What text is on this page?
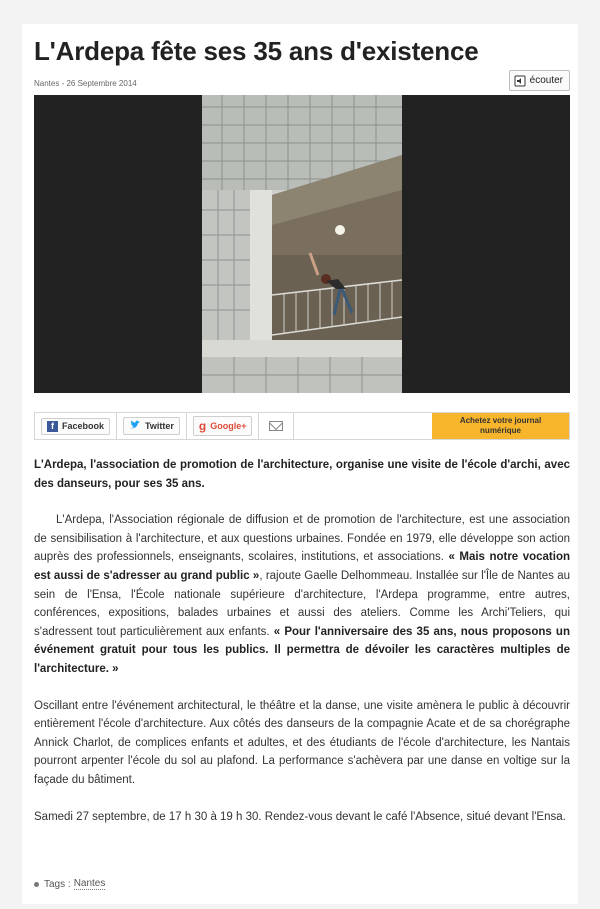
L'Ardepa fête ses 35 ans d'existence
Nantes - 26 Septembre 2014	écouter
f Facebook	Twitter g Google+
Achetez votre journal numérique

L'Ardepa, l'association de promotion de l'architecture, organise une visite de l'école d'archi, avec des danseurs, pour ses 35 ans.

L'Ardepa, l'Association régionale de diffusion et de promotion de l'architecture, est une association de sensibilisation à l'architecture, et aux questions urbaines. Fondée en 1979, elle développe son action auprès des professionnels, enseignants, scolaires, institutions, et associations. « Mais notre vocation est aussi de s'adresser au grand public », rajoute Gaelle Delhommeau. Installée sur l'Île de Nantes au sein de l'Ensa, l'École nationale supérieure d'architecture, l'Ardepa programme, entre autres, conférences, expositions, balades urbaines et aussi des ateliers. Comme les Archi'Teliers, qui s'adressent tout particulièrement aux enfants. « Pour l'anniversaire des 35 ans, nous proposons un événement gratuit pour tous les publics. Il permettra de dévoiler les caractères multiples de l'architecture. »

Oscillant entre l'événement architectural, le théâtre et la danse, une visite amènera le public à découvrir entièrement l'école d'architecture. Aux côtés des danseurs de la compagnie Acate et de sa chorégraphe Annick Charlot, de complices enfants et adultes, et des étudiants de l'école d'architecture, les Nantais pourront arpenter l'école du sol au plafond. La performance s'achèvera par une danse en voltige sur la façade du bâtiment.

Samedi 27 septembre, de 17 h 30 à 19 h 30. Rendez-vous devant le café l'Absence, situé devant l'Ensa.

Tags : Nantes
